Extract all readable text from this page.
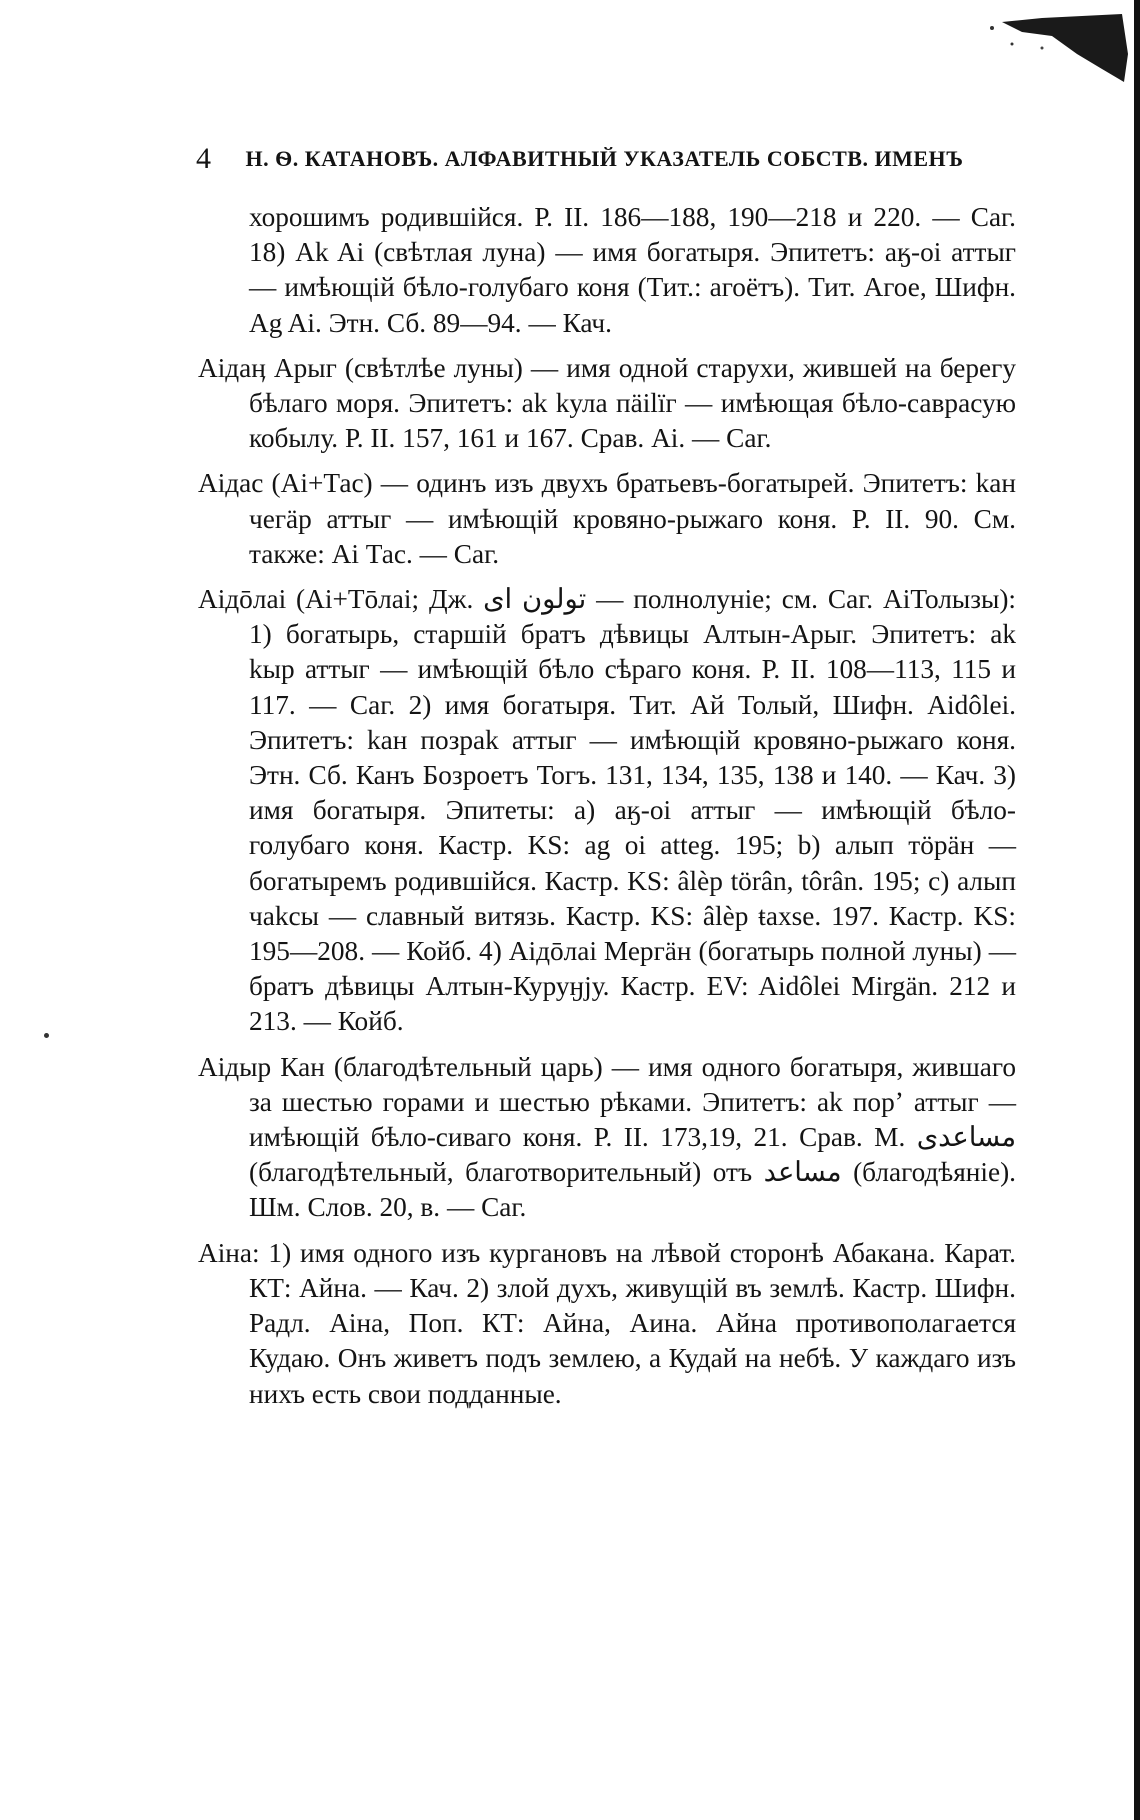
4 Н. Ѳ. КАТАНОВЪ. АЛФАВИТНЫЙ УКАЗАТЕЛЬ СОБСТВ. ИМЕНЪ

хорошимъ родившійся. Р. II. 186—188, 190—218 и 220. — Саг. 18) Ak Ai (свѣтлая луна) — имя богатыря. Эпитетъ: аӄ-оі аттыг — имѣющій бѣло-голубаго коня (Тит.: агоётъ). Тит. Агое, Шифн. Ag Ai. Этн. Сб. 89—94. — Кач.

Аідаӊ Арыг (свѣтлѣе луны) — имя одной старухи, жившей на берегу бѣлаго моря. Эпитетъ: ak kула пäіlïг — имѣющая бѣло-саврасую кобылу. Р. II. 157, 161 и 167. Срав. Аі. — Саг.

Аідас (Аі+Тас) — одинъ изъ двухъ братьевъ-богатырей. Эпитетъ: kан чегäр аттыг — имѣющій кровяно-рыжаго коня. Р. II. 90. См. также: Аі Тас. — Саг.

Аідōлаі (Аі+Тōлаі; Дж. تولون اى — полнолуніе; см. Саг. АiТолызы): 1) богатырь, старшій братъ дѣвицы Алтын-Арыг. Эпитетъ: ak kыр аттыг — имѣющій бѣло сѣраго коня. Р. II. 108—113, 115 и 117. — Саг. 2) имя богатыря. Тит. Ай Толый, Шифн. Aidôlei. Эпитетъ: kан позрak аттыг — имѣющій кровяно-рыжаго коня. Этн. Сб. Канъ Бозроетъ Тогъ. 131, 134, 135, 138 и 140. — Кач. 3) имя богатыря. Эпитеты: a) аӄ-оі аттыг — имѣющій бѣло-голубаго коня. Кастр. KS: ag oi atteg. 195; b) алып тöрäн — богатыремъ родившійся. Кастр. KS: âlèp törân, tôrân. 195; c) алып чаkсы — славный витязь. Кастр. KS: âlèp ŧaxse. 197. Кастр. KS: 195—208. — Койб. 4) Аідōлаі Мергäн (богатырь полной луны) — братъ дѣвицы Алтын-Куруӈју. Кастр. EV: Aidôlei Mirgän. 212 и 213. — Койб.

Аідыр Кан (благодѣтельный царь) — имя одного богатыря, жившаго за шестью горами и шестью рѣками. Эпитетъ: ak порʼ аттыг — имѣющій бѣло-сиваго коня. Р. II. 173,19, 21. Срав. М. مساعدی (благодѣтельный, благотворительный) отъ مساعد (благодѣяніе). Шм. Слов. 20, в. — Саг.

Аіна: 1) имя одного изъ кургановъ на лѣвой сторонѣ Абакана. Карат. КТ: Айна. — Кач. 2) злой духъ, живущій въ землѣ. Кастр. Шифн. Радл. Аіна, Поп. КТ: Айна, Аина. Айна противополагается Кудаю. Онъ живетъ подъ землею, а Кудай на небѣ. У каждаго изъ нихъ есть свои подданные.
